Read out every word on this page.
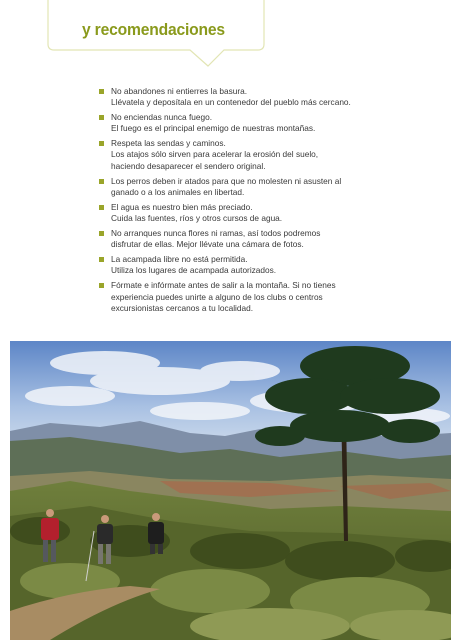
y recomendaciones
No abandones ni entierres la basura.
Llévatela y deposítala en un contenedor del pueblo más cercano.
No enciendas nunca fuego.
El fuego es el principal enemigo de nuestras montañas.
Respeta las sendas y caminos.
Los atajos sólo sirven para acelerar la erosión del suelo,
haciendo desaparecer el sendero original.
Los perros deben ir atados para que no molesten ni asusten al
ganado o a los animales en libertad.
El agua es nuestro bien más preciado.
Cuida las fuentes, ríos y otros cursos de agua.
No arranques nunca flores ni ramas, así todos podremos
disfrutar de ellas. Mejor llévate una cámara de fotos.
La acampada libre no está permitida.
Utiliza los lugares de acampada autorizados.
Fórmate e infórmate antes de salir a la montaña. Si no tienes
experiencia puedes unirte a alguno de los clubs o centros
excursionistas cercanos a tu localidad.
